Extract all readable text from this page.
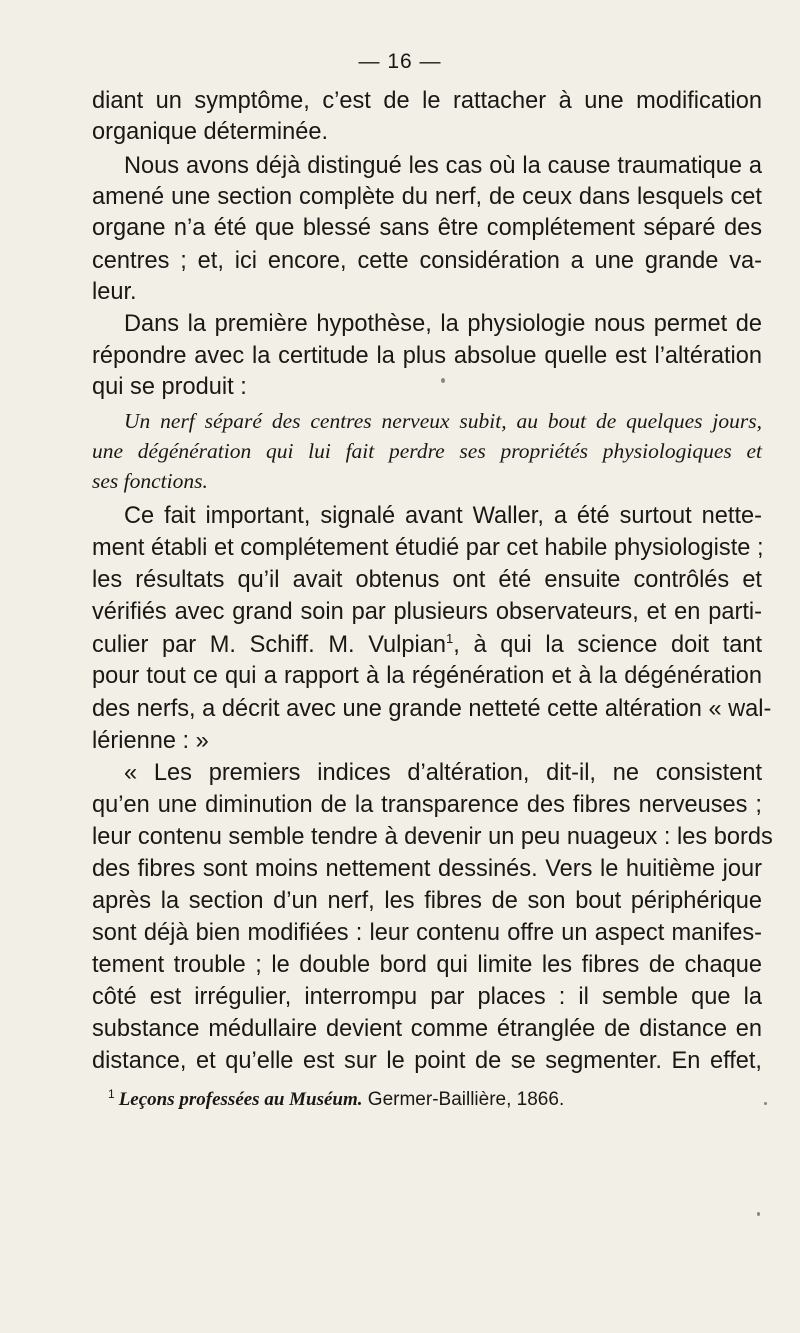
— 16 —
diant un symptôme, c’est de le rattacher à une modification
organique déterminée.
Nous avons déjà distingué les cas où la cause traumatique a
amené une section complète du nerf, de ceux dans lesquels cet
organe n’a été que blessé sans être complétement séparé des
centres ; et, ici encore, cette considération a une grande va-
leur.
Dans la première hypothèse, la physiologie nous permet de
répondre avec la certitude la plus absolue quelle est l’altération
qui se produit :
Un nerf séparé des centres nerveux subit, au bout de quelques jours,
une dégénération qui lui fait perdre ses propriétés physiologiques et
ses fonctions.
Ce fait important, signalé avant Waller, a été surtout nette-
ment établi et complétement étudié par cet habile physiologiste ;
les résultats qu’il avait obtenus ont été ensuite contrôlés et
vérifiés avec grand soin par plusieurs observateurs, et en parti-
culier par M. Schiff. M. Vulpian$^1$, à qui la science doit tant
pour tout ce qui a rapport à la régénération et à la dégénération
des nerfs, a décrit avec une grande netteté cette altération « wal-
lérienne : »
« Les premiers indices d’altération, dit-il, ne consistent
qu’en une diminution de la transparence des fibres nerveuses ;
leur contenu semble tendre à devenir un peu nuageux : les bords
des fibres sont moins nettement dessinés. Vers le huitième jour
après la section d’un nerf, les fibres de son bout périphérique
sont déjà bien modifiées : leur contenu offre un aspect manifes-
tement trouble ; le double bord qui limite les fibres de chaque
côté est irrégulier, interrompu par places : il semble que la
substance médullaire devient comme étranglée de distance en
distance, et qu’elle est sur le point de se segmenter. En effet,
$^1$ Leçons professées au Muséum. Germer-Baillière, 1866.
